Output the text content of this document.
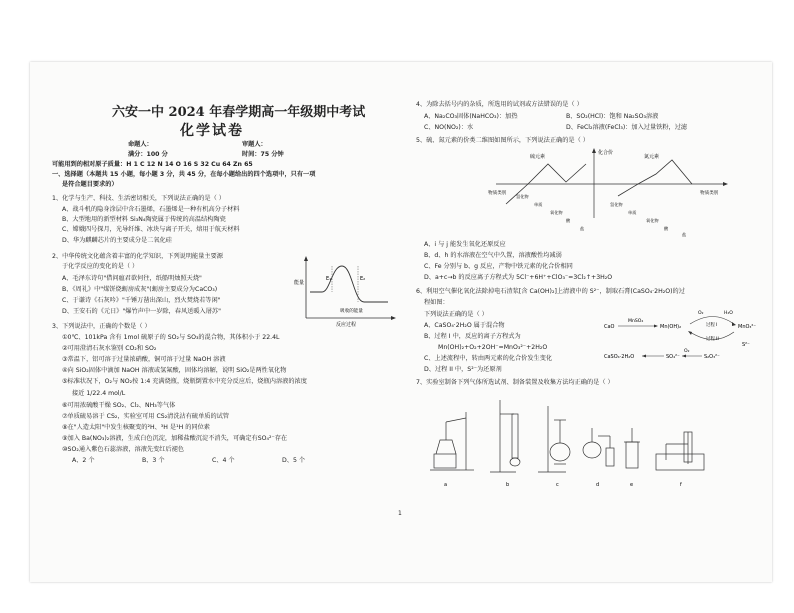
六安一中 2024 年春学期高一年级期中考试
化学试卷
命题人：	审题人：
满分：100 分	时间：75 分钟
可能用到的相对原子质量：H 1 C 12 N 14 O 16 S 32 Cu 64 Zn 65
一、选择题（本题共 15 小题，每小题 3 分，共 45 分，在每小题给出的四个选项中，只有一项
是符合题目要求的）
1、化学与生产、科技、生活密切相关，下列说法正确的是（ ）
A、战斗机的隐身涂层中含石墨烯，石墨烯是一种有机高分子材料
B、大型地用的新型材料 Si₃N₄陶瓷属于传统的高温结构陶瓷
C、嫦娥四号探月，光导纤维、冰块与离子开关，熔用于航天材料
D、华为麒麟芯片的主要成分是二氧化硅
2、中华传统文化蕴含着丰富的化学知识，下列说明能量主要源
于化学反应的变化的是（ ）
A、毛泽东诗句"借问瘟君欲何往，纸船明烛照天烧"
B、《周礼》中"煤饼烧蛎房成灰"(蛎房主要成分为CaCO₃)
C、于谦诗《石灰吟》"千锤万凿出深山，烈火焚烧若等闲"
D、王安石的《元日》"爆竹声中一岁除，春风送暖入屠苏"
能量
E₁	E₂
吸收的能量
反应过程
3、下列说法中，正确的个数是（ ）
①0℃、101kPa 含有 1mol 硫原子的 SO₂与 SO₃的混合物，其体积小于 22.4L
②可用澄清石灰水鉴别 CO₂和 SO₂
③常温下，铝可溶于过量浓硝酸，铜可溶于过量 NaOH 溶液
④向 SiO₂固体中滴加 NaOH 溶液或氢氟酸，固体均溶解，说明 SiO₂是两性氧化物
⑤标准状况下，O₂与 NO₂按 1:4 充满烧瓶，烧瓶倒置水中充分反应后，烧瓶内溶液的浓度
接近 1/22.4 mol/L
⑥可用浓硫酸干燥 SO₂、Cl₂、NH₃等气体
⑦单质硫易溶于 CS₂，实验室可用 CS₂清洗沾有硫单质的试管
⑧在"人造太阳"中发生核聚变的²H、³H 是¹H 的同位素
⑨加入 Ba(NO₃)₂溶液，生成白色沉淀，加稀盐酸沉淀不消失，可确定有SO₄²⁻存在
⑩SO₂通入紫色石蕊溶液，溶液先变红后褪色
A、2 个	B、3 个	C、4 个	D、5 个
4、为除去括号内的杂质，所选用的试剂或方法错误的是（ ）
A、Na₂CO₃固体(NaHCO₃)：加热	B、SO₂(HCl)：饱和 Na₂SO₃溶液
C、NO(NO₂)：水	D、FeCl₂溶液(FeCl₃)：加入过量铁粉，过滤
5、硫、氮元素的价类二维图如图所示，下列说法正确的是（ ）
化合价
硫元素	氮元素
物质类别	物质类别
氢化物
单质
氧化物
酸
盐
氢化物
单质
氧化物
酸
盐
A、i 与 j 能发生氧化还原反应
B、d、h 的水溶液在空气中久置，溶液酸性均减弱
C、Fe 分别与 b、g 反应，产物中铁元素的化合价相同
D、a+c→b 的反应离子方程式为 5Cl⁻+6H⁺+ClO₃⁻=3Cl₂↑+3H₂O
6、利用空气催化氧化法除掉电石渣浆[含 Ca(OH)₂]上清液中的 S²⁻，制取石膏(CaSO₄·2H₂O)的过
程如图：
下列说法正确的是（ ）
A、CaSO₄·2H₂O 属于混合物
B、过程 I 中，反应的离子方程式为
Mn(OH)₂+O₂+2OH⁻=MnO₃²⁻+2H₂O
C、上述流程中，转由两元素的化合价发生变化
D、过程 II 中，S²⁻为还原剂
CaO
MnSO₄
Mn(OH)₂
O₂	H₂O
过程 I	MnO₃²⁻
过程 II
S²⁻
CaSO₄·2H₂O	SO₄²⁻
O₂
S₂O₃²⁻
7、实验室制备下列气体所选试剂、制备装置及收集方法均正确的是（ ）
a	b	c	d	e	f
1
